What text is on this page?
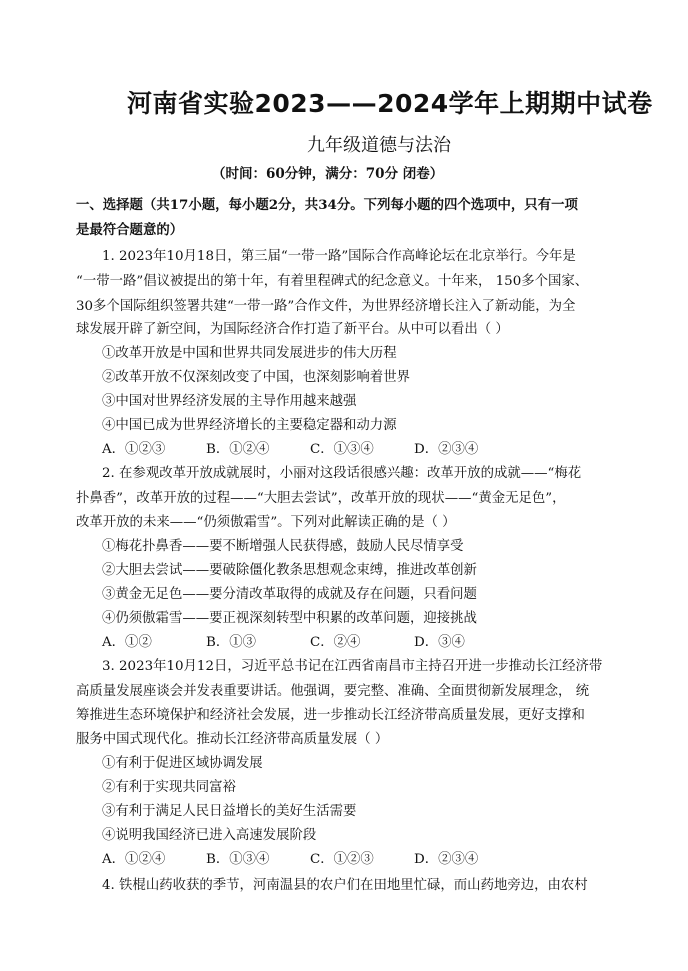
河南省实验2023——2024学年上期期中试卷
九年级道德与法治
（时间：60分钟，满分：70分 闭卷）
一、选择题（共17小题，每小题2分，共34分。下列每小题的四个选项中，只有一项
是最符合题意的）
1. 2023年10月18日，第三届“一带一路”国际合作高峰论坛在北京举行。今年是
“一带一路”倡议被提出的第十年，有着里程碑式的纪念意义。十年来， 150多个国家、
30多个国际组织签署共建“一带一路”合作文件，为世界经济增长注入了新动能，为全
球发展开辟了新空间，为国际经济合作打造了新平台。从中可以看出（ ）
①改革开放是中国和世界共同发展进步的伟大历程
②改革开放不仅深刻改变了中国，也深刻影响着世界
③中国对世界经济发展的主导作用越来越强
④中国已成为世界经济增长的主要稳定器和动力源
A．①②③	B．①②④	C．①③④	D．②③④
2. 在参观改革开放成就展时，小丽对这段话很感兴趣：改革开放的成就——“梅花
扑鼻香”，改革开放的过程——“大胆去尝试”，改革开放的现状——“黄金无足色”，
改革开放的未来——“仍须傲霜雪”。下列对此解读正确的是（ ）
①梅花扑鼻香——要不断增强人民获得感，鼓励人民尽情享受
②大胆去尝试——要破除僵化教条思想观念束缚，推进改革创新
③黄金无足色——要分清改革取得的成就及存在问题，只看问题
④仍须傲霜雪——要正视深刻转型中积累的改革问题，迎接挑战
A．①②	B．①③	C．②④	D．③④
3. 2023年10月12日，习近平总书记在江西省南昌市主持召开进一步推动长江经济带
高质量发展座谈会并发表重要讲话。他强调，要完整、准确、全面贯彻新发展理念， 统
筹推进生态环境保护和经济社会发展，进一步推动长江经济带高质量发展，更好支撑和
服务中国式现代化。推动长江经济带高质量发展（ ）
①有利于促进区域协调发展
②有利于实现共同富裕
③有利于满足人民日益增长的美好生活需要
④说明我国经济已进入高速发展阶段
A．①②④	B．①③④	C．①②③	D．②③④
4. 铁棍山药收获的季节，河南温县的农户们在田地里忙碌，而山药地旁边，由农村
